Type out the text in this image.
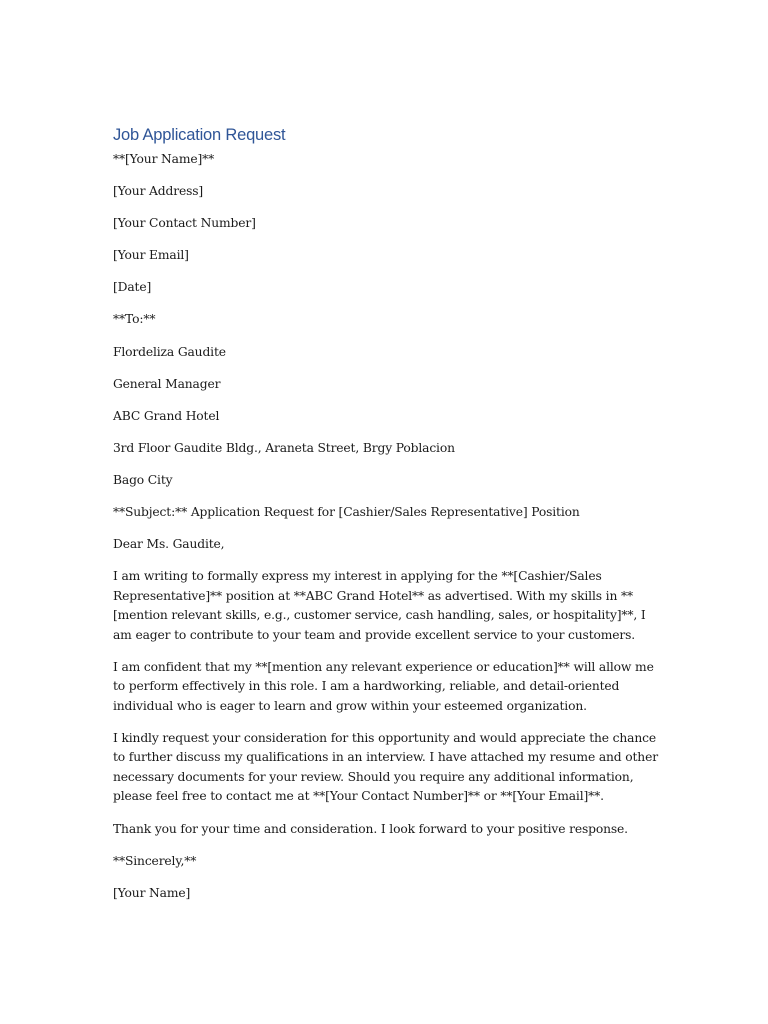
Job Application Request

**[Your Name]**

[Your Address]

[Your Contact Number]

[Your Email]

[Date]

**To:**

Flordeliza Gaudite

General Manager

ABC Grand Hotel

3rd Floor Gaudite Bldg., Araneta Street, Brgy Poblacion

Bago City

**Subject:** Application Request for [Cashier/Sales Representative] Position

Dear Ms. Gaudite,

I am writing to formally express my interest in applying for the **[Cashier/Sales Representative]** position at **ABC Grand Hotel** as advertised. With my skills in **[mention relevant skills, e.g., customer service, cash handling, sales, or hospitality]**, I am eager to contribute to your team and provide excellent service to your customers.

I am confident that my **[mention any relevant experience or education]** will allow me to perform effectively in this role. I am a hardworking, reliable, and detail-oriented individual who is eager to learn and grow within your esteemed organization.

I kindly request your consideration for this opportunity and would appreciate the chance to further discuss my qualifications in an interview. I have attached my resume and other necessary documents for your review. Should you require any additional information, please feel free to contact me at **[Your Contact Number]** or **[Your Email]**.

Thank you for your time and consideration. I look forward to your positive response.

**Sincerely,**

[Your Name]
